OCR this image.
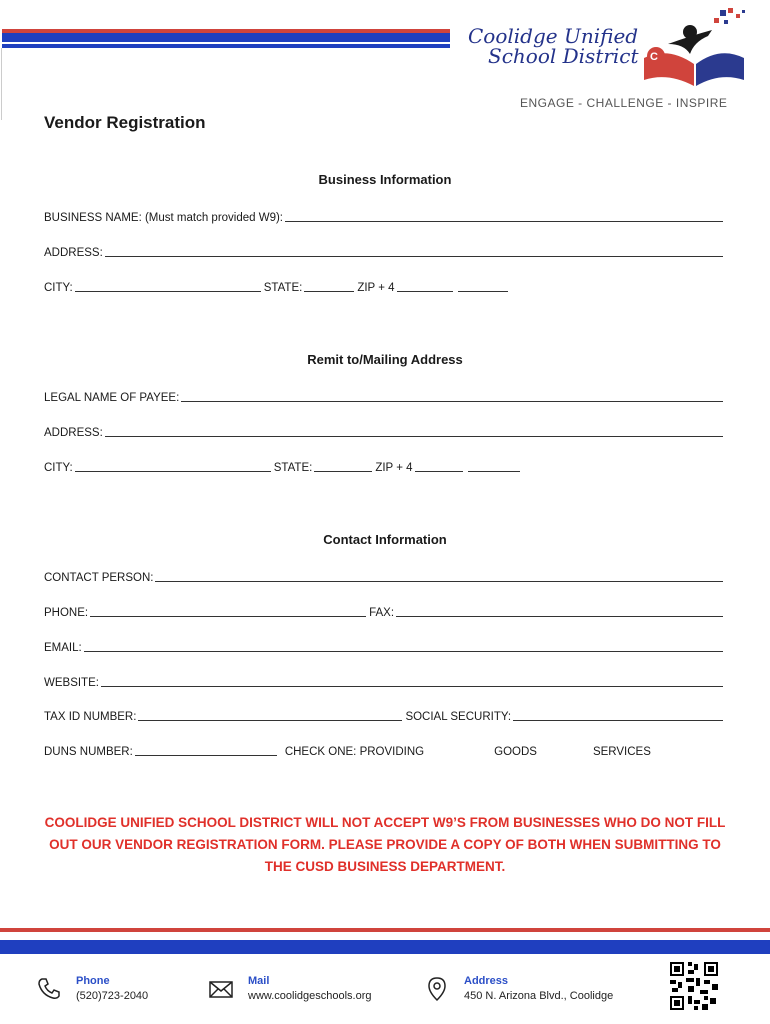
Coolidge Unified
School District	C
ENGAGE - CHALLENGE - INSPIRE
Vendor Registration
Business Information
BUSINESS NAME: (Must match provided W9):
ADDRESS:
CITY:	STATE:	ZIP + 4
Remit to/Mailing Address
LEGAL NAME OF PAYEE:
ADDRESS:
CITY:	STATE:	ZIP + 4
Contact Information
CONTACT PERSON:
PHONE:	FAX:
EMAIL:
WEBSITE:
TAX ID NUMBER:	SOCIAL SECURITY:
DUNS NUMBER:	CHECK ONE: PROVIDING	GOODS	SERVICES
COOLIDGE UNIFIED SCHOOL DISTRICT WILL NOT ACCEPT W9’S FROM BUSINESSES WHO DO NOT FILL OUT OUR VENDOR REGISTRATION FORM. PLEASE PROVIDE A COPY OF BOTH WHEN SUBMITTING TO THE CUSD BUSINESS DEPARTMENT.
Phone
(520)723-2040
Mail
www.coolidgeschools.org
Address
450 N. Arizona Blvd., Coolidge
